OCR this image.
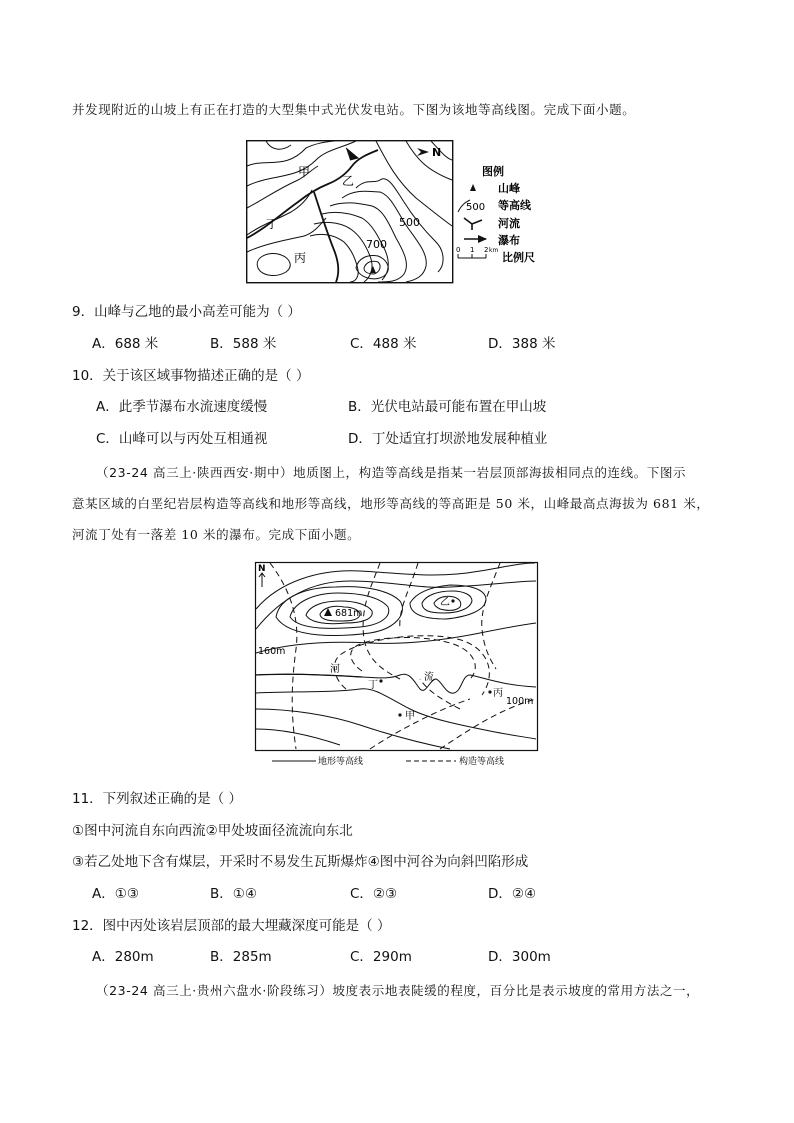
并发现附近的山坡上有正在打造的大型集中式光伏发电站。下图为该地等高线图。完成下面小题。
N
甲
乙
丁
丙
500
700
图例
山峰
500 等高线
河流
瀑布
0 1 2 km
比例尺
9．山峰与乙地的最小高差可能为（ ）
A．688 米	B．588 米	C．488 米	D．388 米
10．关于该区域事物描述正确的是（ ）
A．此季节瀑布水流速度缓慢	B．光伏电站最可能布置在甲山坡
C．山峰可以与丙处互相通视	D．丁处适宜打坝淤地发展种植业
（23-24 高三上·陕西西安·期中）地质图上，构造等高线是指某一岩层顶部海拔相同点的连线。下图示
意某区域的白垩纪岩层构造等高线和地形等高线，地形等高线的等高距是 50 米，山峰最高点海拔为 681 米，
河流丁处有一落差 10 米的瀑布。完成下面小题。
N
681m
乙
160m
河
流
丁
丙
100m
甲
地形等高线	构造等高线
11．下列叙述正确的是（ ）
①图中河流自东向西流②甲处坡面径流流向东北
③若乙处地下含有煤层，开采时不易发生瓦斯爆炸④图中河谷为向斜凹陷形成
A．①③	B．①④	C．②③	D．②④
12．图中丙处该岩层顶部的最大埋藏深度可能是（ ）
A．280m	B．285m	C．290m	D．300m
（23-24 高三上·贵州六盘水·阶段练习）坡度表示地表陡缓的程度，百分比是表示坡度的常用方法之一，
